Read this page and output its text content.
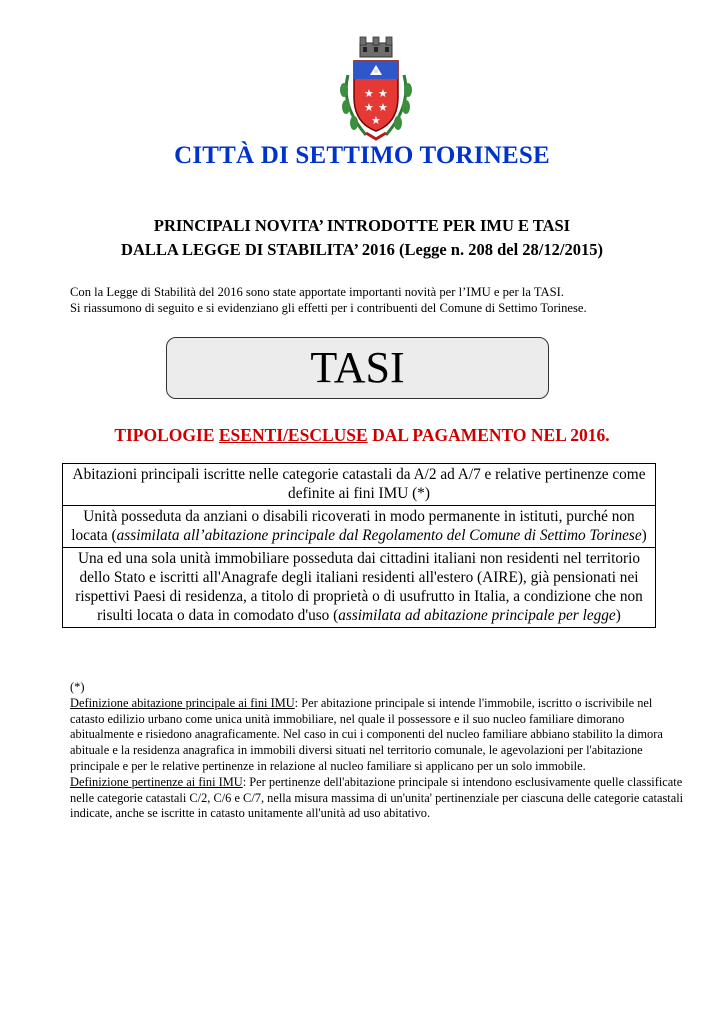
★ ★
★ ★
★
CITTÀ DI SETTIMO TORINESE
PRINCIPALI NOVITA’ INTRODOTTE PER IMU E TASI
DALLA LEGGE DI STABILITA’ 2016 (Legge n. 208 del 28/12/2015)
Con la Legge di Stabilità del 2016 sono state apportate importanti novità per l’IMU e per la TASI.
Si riassumono di seguito e si evidenziano gli effetti per i contribuenti del Comune di Settimo Torinese.
TASI
TIPOLOGIE ESENTI/ESCLUSE DAL PAGAMENTO NEL 2016.
Abitazioni principali iscritte nelle categorie catastali da A/2 ad A/7 e relative pertinenze come definite ai fini IMU (*)
Unità posseduta da anziani o disabili ricoverati in modo permanente in istituti, purché non locata (assimilata all’abitazione principale dal Regolamento del Comune di Settimo Torinese)
Una ed una sola unità immobiliare posseduta dai cittadini italiani non residenti nel territorio dello Stato e iscritti all'Anagrafe degli italiani residenti all'estero (AIRE), già pensionati nei rispettivi Paesi di residenza, a titolo di proprietà o di usufrutto in Italia, a condizione che non risulti locata o data in comodato d'uso (assimilata ad abitazione principale per legge)

(*)

Definizione abitazione principale ai fini IMU: Per abitazione principale si intende l'immobile, iscritto o iscrivibile nel catasto edilizio urbano come unica unità immobiliare, nel quale il possessore e il suo nucleo familiare dimorano abitualmente e risiedono anagraficamente. Nel caso in cui i componenti del nucleo familiare abbiano stabilito la dimora abituale e la residenza anagrafica in immobili diversi situati nel territorio comunale, le agevolazioni per l'abitazione principale e per le relative pertinenze in relazione al nucleo familiare si applicano per un solo immobile.

Definizione pertinenze ai fini IMU: Per pertinenze dell'abitazione principale si intendono esclusivamente quelle classificate nelle categorie catastali C/2, C/6 e C/7, nella misura massima di un'unita' pertinenziale per ciascuna delle categorie catastali indicate, anche se iscritte in catasto unitamente all'unità ad uso abitativo.
